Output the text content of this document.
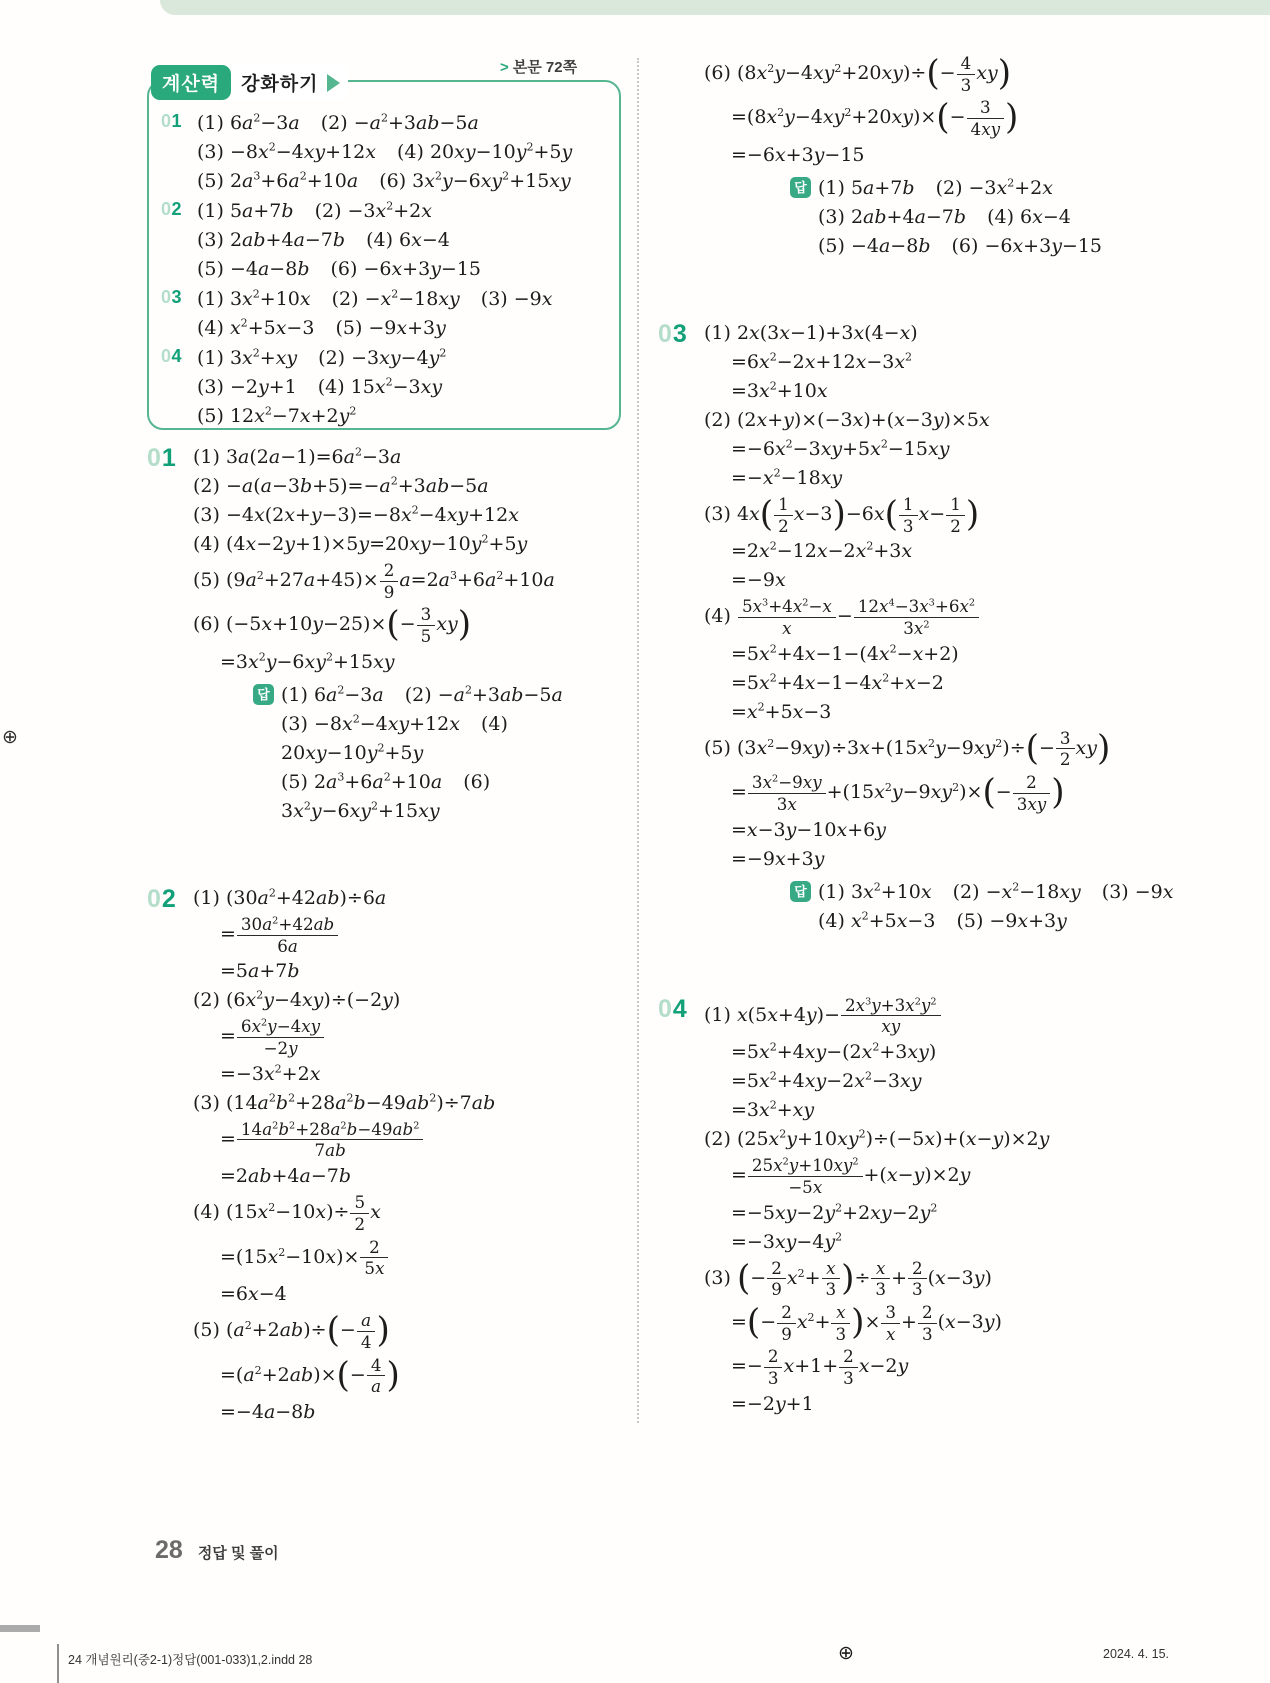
> 본문 72쪽
계산력	강화하기
01 (1) $6a^2-3a$ $(2) -a^2+3ab-5a$
$(3) -8x^2-4xy+12x$ (4) $20xy-10y^2+5y$
(5) $2a^3+6a^2+10a$ (6) $3x^2y-6xy^2+15xy$
02 (1) 5a+7b $(2) -3x^2+2x$
(3) 2ab+4a−7b (4) 6x−4
(5) −4a−8b (6) −6x+3y−15
03 (1) $3x^2+10x$ $(2) -x^2-18xy$ (3) −9x
(4) $x^2+5x-3$ (5) −9x+3y
04 (1) $3x^2+xy$ $(2) -3xy-4y^2$
(3) −2y+1 (4) $15x^2-3xy$
(5) $12x^2-7x+2y^2$
01 (1) $3a(2a-1)=6a^2-3a$
$(2) -a(a-3b+5)=-a^2+3ab-5a$
$(3) -4x(2x+y-3)=-8x^2-4xy+12x$
(4) $(4x-2y+1)\times 5y=20xy-10y^2+5y$
(5) $(9a^2+27a+45)\times \frac{2}{9} a=2a^3+6a^2+10a$
(6) $(-5x+10y-25)\times(- \frac{3}{5} xy)$
$=3x^2y-6xy^2+15xy$
답 (1) $6a^2-3a$ $(2) -a^2+3ab-5a$
$(3) -8x^2-4xy+12x$ (4) $20xy-10y^2+5y$
(5) $2a^3+6a^2+10a$ (6) $3x^2y-6xy^2+15xy$
02 (1) $(30a^2+42ab)\div 6a$
= $\frac{30a^2+42ab}{6a}$
=5a+7b
(2) $(6x^2y-4xy)\div(-2y)$
= $\frac{6x^2y-4xy}{-2y}$
$=-3x^2+2x$
(3) $(14a^2b^2+28a^2b-49ab^2)\div 7ab$
= $\frac{14a^2b^2+28a^2b-49ab^2}{7ab}$
=2ab+4a−7b
(4) $(15x^2-10x)\div \frac{5}{2}$ x
$=(15x^2-10x)\times \frac{2}{5x}$
=6x−4
(5) $(a^2+2ab)\div(- \frac{a}{4}$ )
$=(a^2+2ab)\times(- \frac{4}{a}$ )
=−4a−8b
(6) $(8x^2y-4xy^2+20xy)\div(- \frac{4}{3} xy)$
$=(8x^2y-4xy^2+20xy)\times(- \frac{3}{4xy}$ )
=−6x+3y−15
답 (1) 5a+7b $(2) -3x^2+2x$
(3) 2ab+4a−7b (4) 6x−4
(5) −4a−8b (6) −6x+3y−15
03 (1) 2x(3x−1)+3x(4−x)
$=6x^2-2x+12x-3x^2$
$=3x^2+10x$
(2) (2x+y)×(−3x)+(x−3y)×5x
$=-6x^2-3xy+5x^2-15xy$
$=-x^2-18xy$
(3) $4x( \frac{1}{2} x-3)-6x( \frac{1}{3} x- \frac{1}{2}$ )
$=2x^2-12x-2x^2+3x$
=−9x
$(4) \frac{5x^3+4x^2-x}{x} - \frac{12x^4-3x^3+6x^2}{3x^2}$
$=5x^2+4x-1-(4x^2-x+2)$
$=5x^2+4x-1-4x^2+x-2$
$=x^2+5x-3$
(5) $(3x^2-9xy)\div 3x+(15x^2y-9xy^2)\div(- \frac{3}{2} xy)$
= $\frac{3x^2-9xy}{3x} +(15x^2y-9xy^2)\times(- \frac{2}{3xy}$ )
=x−3y−10x+6y
=−9x+3y
답 (1) $3x^2+10x$ $(2) -x^2-18xy$ (3) −9x
(4) $x^2+5x-3$ (5) −9x+3y
04 (1) $x(5x+4y)- \frac{2x^3y+3x^2y^2}{xy}$
$=5x^2+4xy-(2x^2+3xy)$
$=5x^2+4xy-2x^2-3xy$
$=3x^2+xy$
(2) $(25x^2y+10xy^2)\div(-5x)+(x-y)\times 2y$
= $\frac{25x^2y+10xy^2}{-5x} +(x-y)\times 2y$
$=-5xy-2y^2+2xy-2y^2$
$=-3xy-4y^2$
(3) (− $\frac{2}{9} x^2+ \frac{x}{3}$ )÷ $\frac{x}{3} + \frac{2}{3} (x-3y)$
=(− $\frac{2}{9} x^2+ \frac{x}{3}$ )× $\frac{3}{x} + \frac{2}{3} (x-3y)$
=− $\frac{2}{3} x+1+ \frac{2}{3} x-2y$
=−2y+1
28 정답 및 풀이
⊕
⊕
24 개념원리(중2-1)정답(001-033)1,2.indd 28	2024. 4. 15.
